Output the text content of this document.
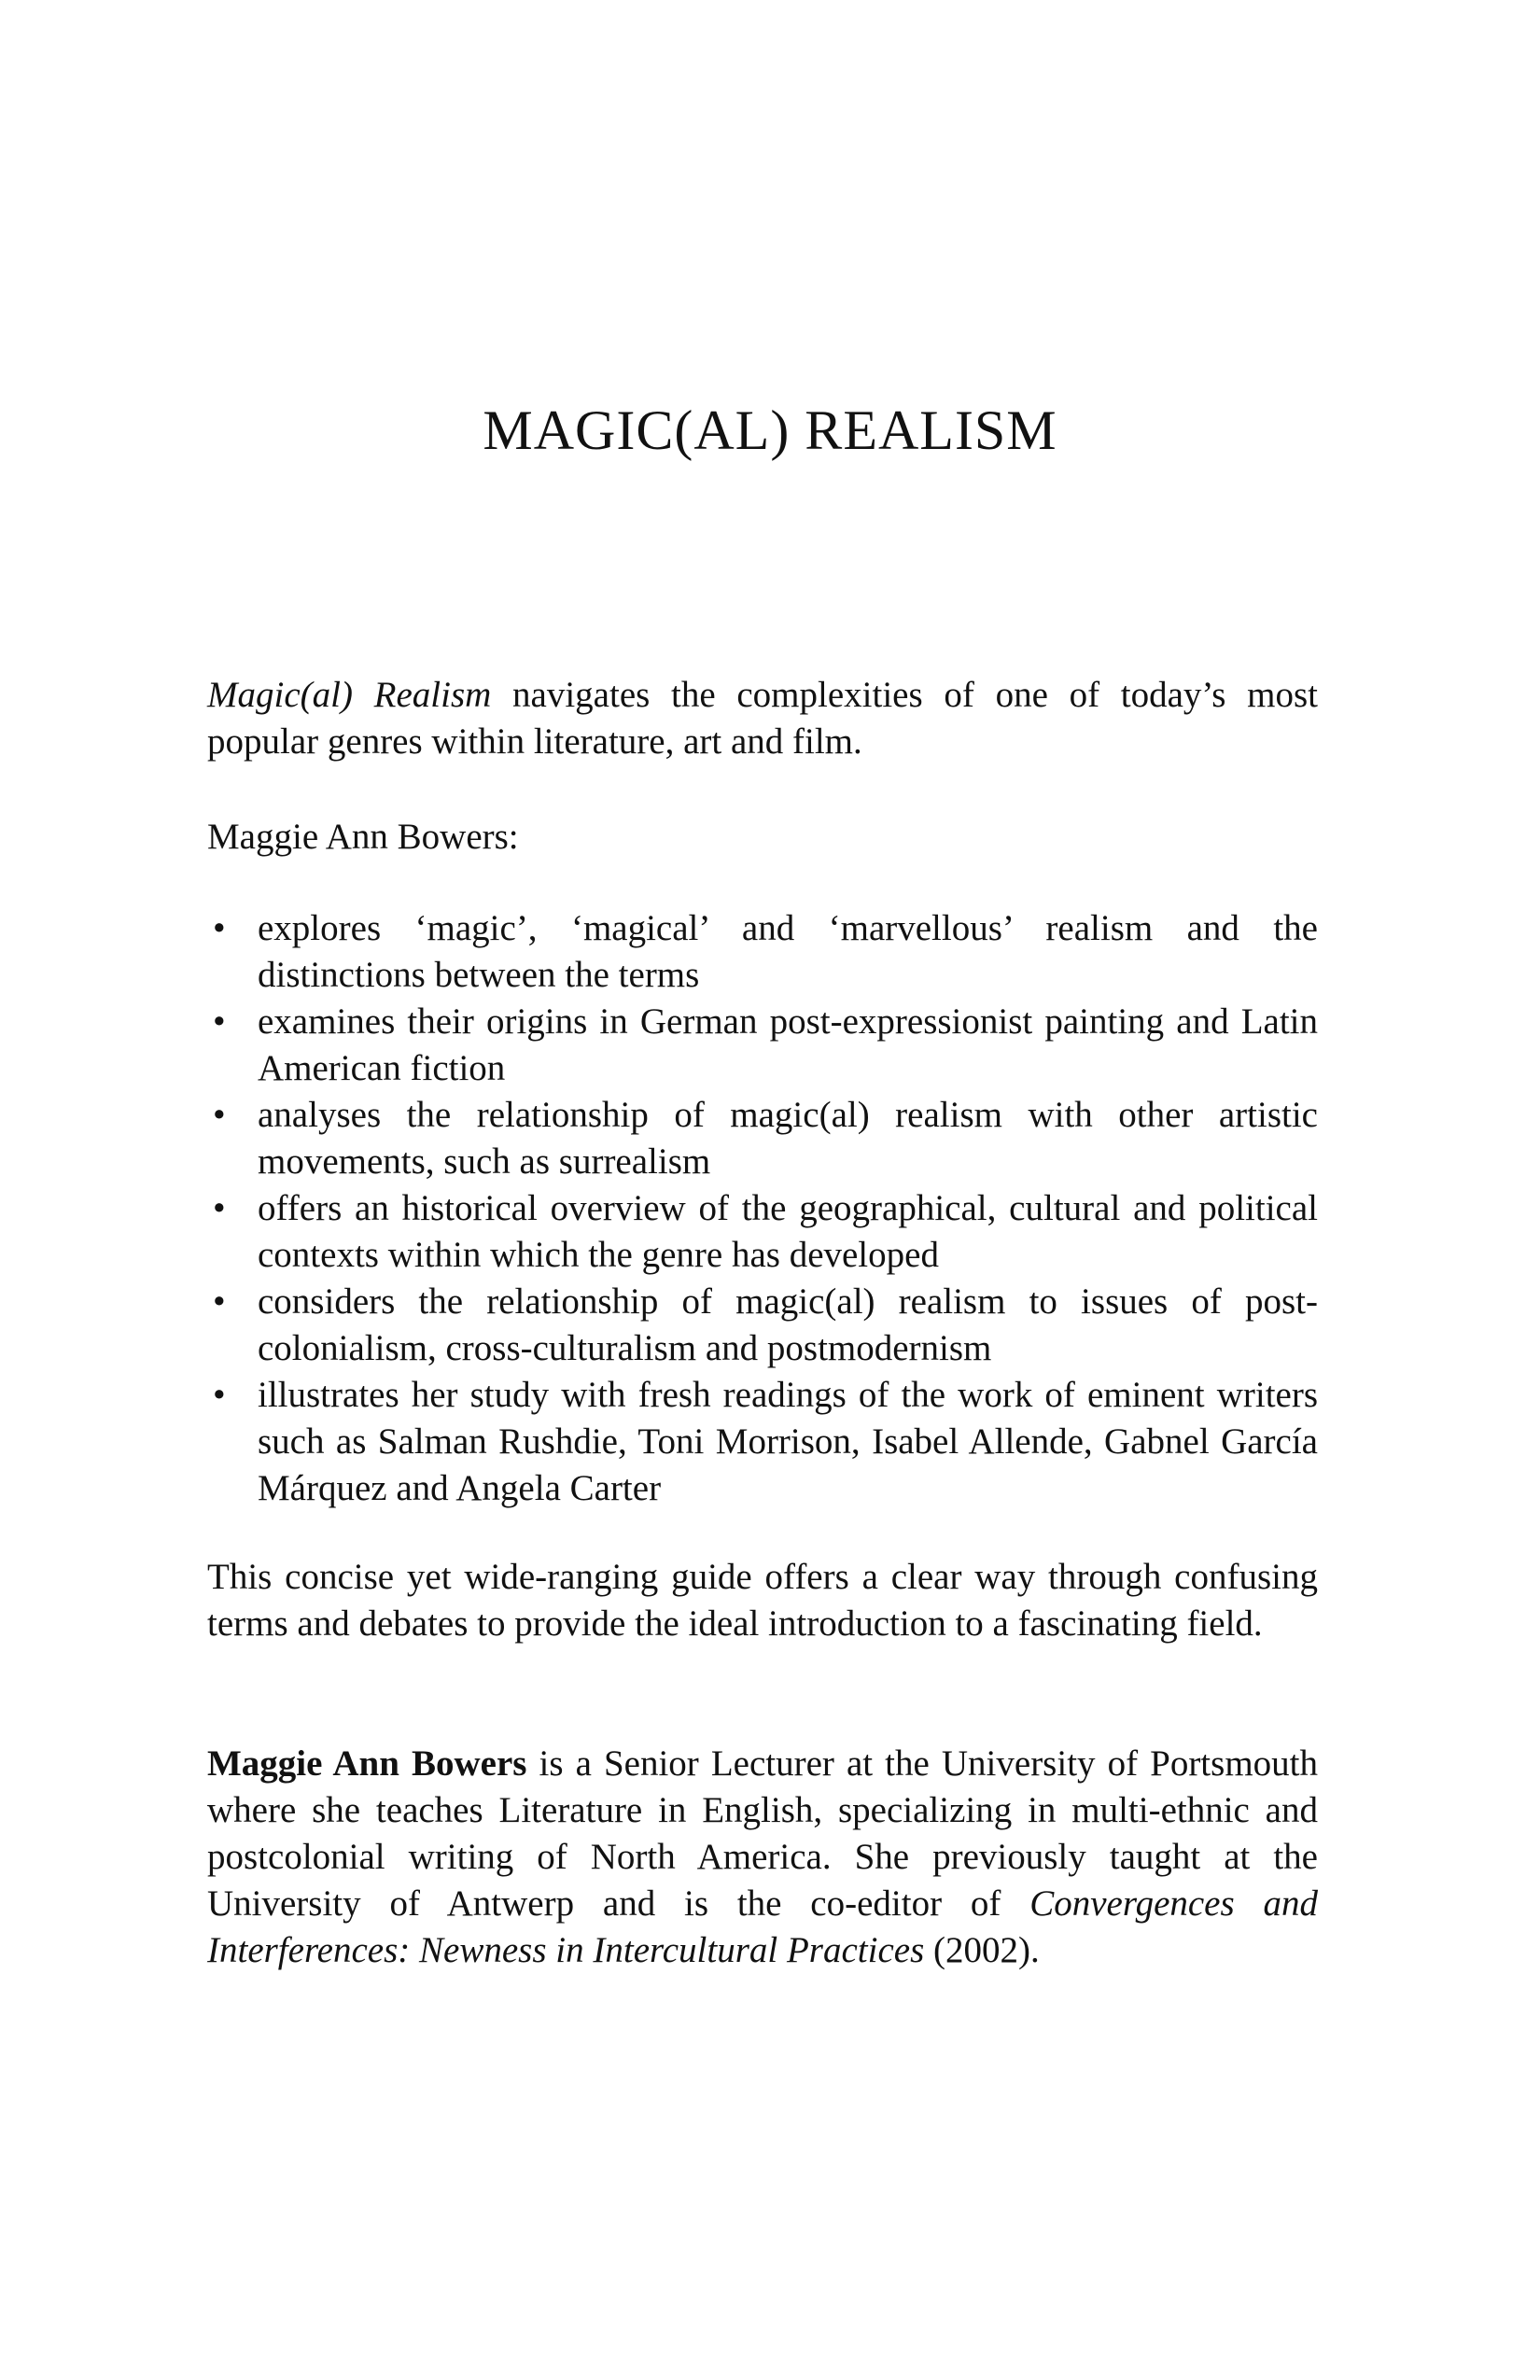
MAGIC(AL) REALISM

Magic(al) Realism navigates the complexities of one of today’s most popular genres within literature, art and film.

Maggie Ann Bowers:

• explores ‘magic’, ‘magical’ and ‘marvellous’ realism and the distinctions between the terms
• examines their origins in German post-expressionist painting and Latin American fiction
• analyses the relationship of magic(al) realism with other artistic movements, such as surrealism
• offers an historical overview of the geographical, cultural and political contexts within which the genre has developed
• considers the relationship of magic(al) realism to issues of post-colonialism, cross-culturalism and postmodernism
• illustrates her study with fresh readings of the work of eminent writers such as Salman Rushdie, Toni Morrison, Isabel Allende, Gabnel García Márquez and Angela Carter

This concise yet wide-ranging guide offers a clear way through confusing terms and debates to provide the ideal introduction to a fascinating field.

Maggie Ann Bowers is a Senior Lecturer at the University of Portsmouth where she teaches Literature in English, specializing in multi-ethnic and postcolonial writing of North America. She previously taught at the University of Antwerp and is the co-editor of Convergences and Interferences: Newness in Intercultural Practices (2002).
